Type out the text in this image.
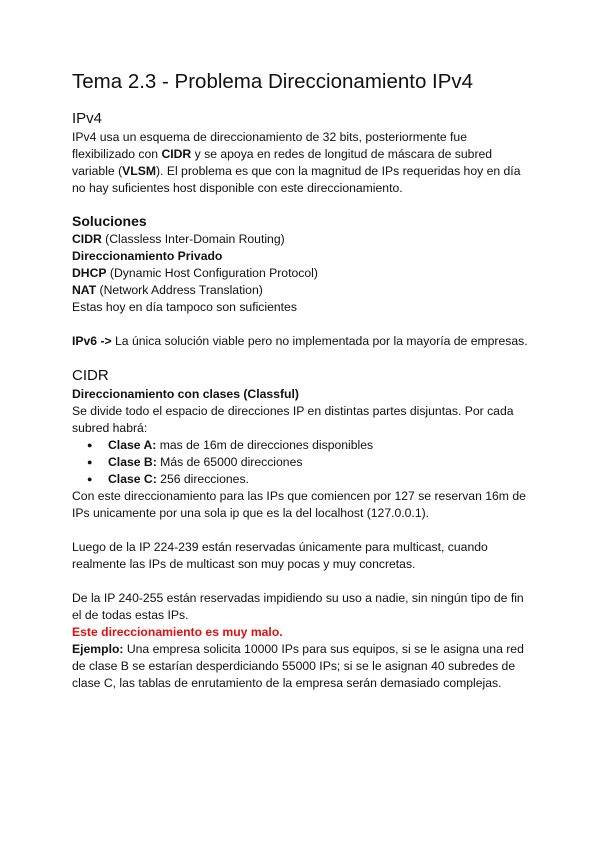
Tema 2.3 - Problema Direccionamiento IPv4
IPv4

IPv4 usa un esquema de direccionamiento de 32 bits, posteriormente fue flexibilizado con CIDR y se apoya en redes de longitud de máscara de subred variable (VLSM). El problema es que con la magnitud de IPs requeridas hoy en día no hay suficientes host disponible con este direccionamiento.

Soluciones

CIDR (Classless Inter-Domain Routing)

Direccionamiento Privado

DHCP (Dynamic Host Configuration Protocol)

NAT (Network Address Translation)

Estas hoy en día tampoco son suficientes

IPv6 -> La única solución viable pero no implementada por la mayoría de empresas.

CIDR

Direccionamiento con clases (Classful)

Se divide todo el espacio de direcciones IP en distintas partes disjuntas. Por cada subred habrá:

● Clase A: mas de 16m de direcciones disponibles
● Clase B: Más de 65000 direcciones
● Clase C: 256 direcciones.

Con este direccionamiento para las IPs que comiencen por 127 se reservan 16m de IPs unicamente por una sola ip que es la del localhost (127.0.0.1).

Luego de la IP 224-239 están reservadas únicamente para multicast, cuando realmente las IPs de multicast son muy pocas y muy concretas.

De la IP 240-255 están reservadas impidiendo su uso a nadie, sin ningún tipo de fin el de todas estas IPs.

Este direccionamiento es muy malo.

Ejemplo: Una empresa solicita 10000 IPs para sus equipos, si se le asigna una red de clase B se estarían desperdiciando 55000 IPs; si se le asignan 40 subredes de clase C, las tablas de enrutamiento de la empresa serán demasiado complejas.
